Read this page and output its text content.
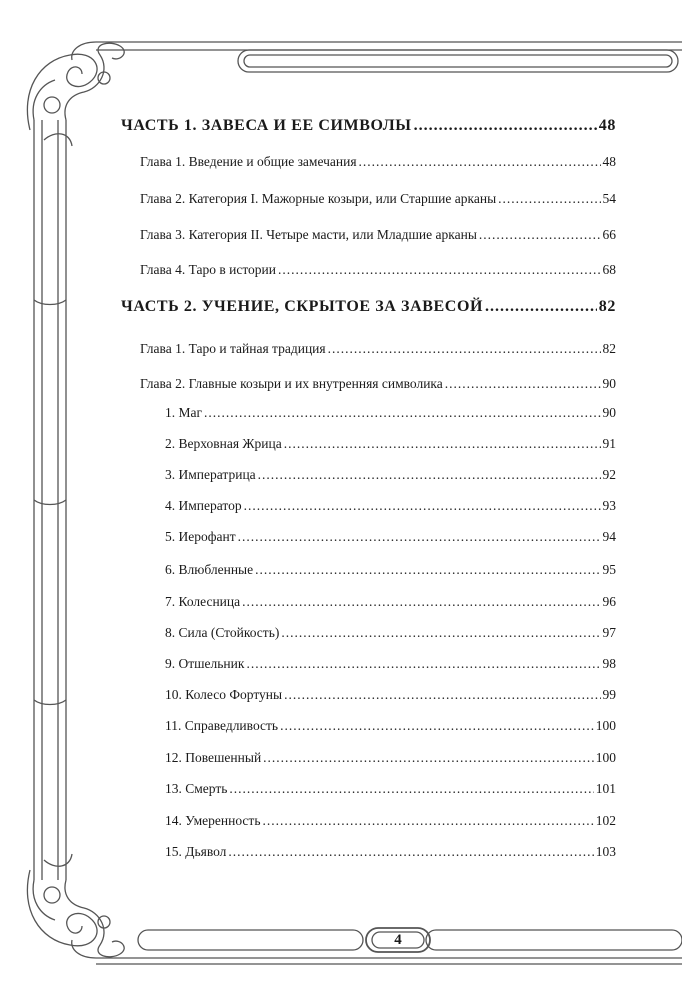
ЧАСТЬ 1. ЗАВЕСА И ЕЕ СИМВОЛЫ .....	48
Глава 1. Введение и общие замечания .....	48
Глава 2. Категория I. Мажорные козыри, или Старшие арканы .....	54
Глава 3. Категория II. Четыре масти, или Младшие арканы .....	66
Глава 4. Таро в истории .....	68
ЧАСТЬ 2. УЧЕНИЕ, СКРЫТОЕ ЗА ЗАВЕСОЙ .....	82
Глава 1. Таро и тайная традиция .....	82
Глава 2. Главные козыри и их внутренняя символика .....	90
1. Маг .....	90
2. Верховная Жрица .....	91
3. Императрица .....	92
4. Император .....	93
5. Иерофант .....	94
6. Влюбленные .....	95
7. Колесница .....	96
8. Сила (Стойкость) .....	97
9. Отшельник .....	98
10. Колесо Фортуны .....	99
11. Справедливость .....	100
12. Повешенный .....	100
13. Смерть .....	101
14. Умеренность .....	102
15. Дьявол .....	103
4
